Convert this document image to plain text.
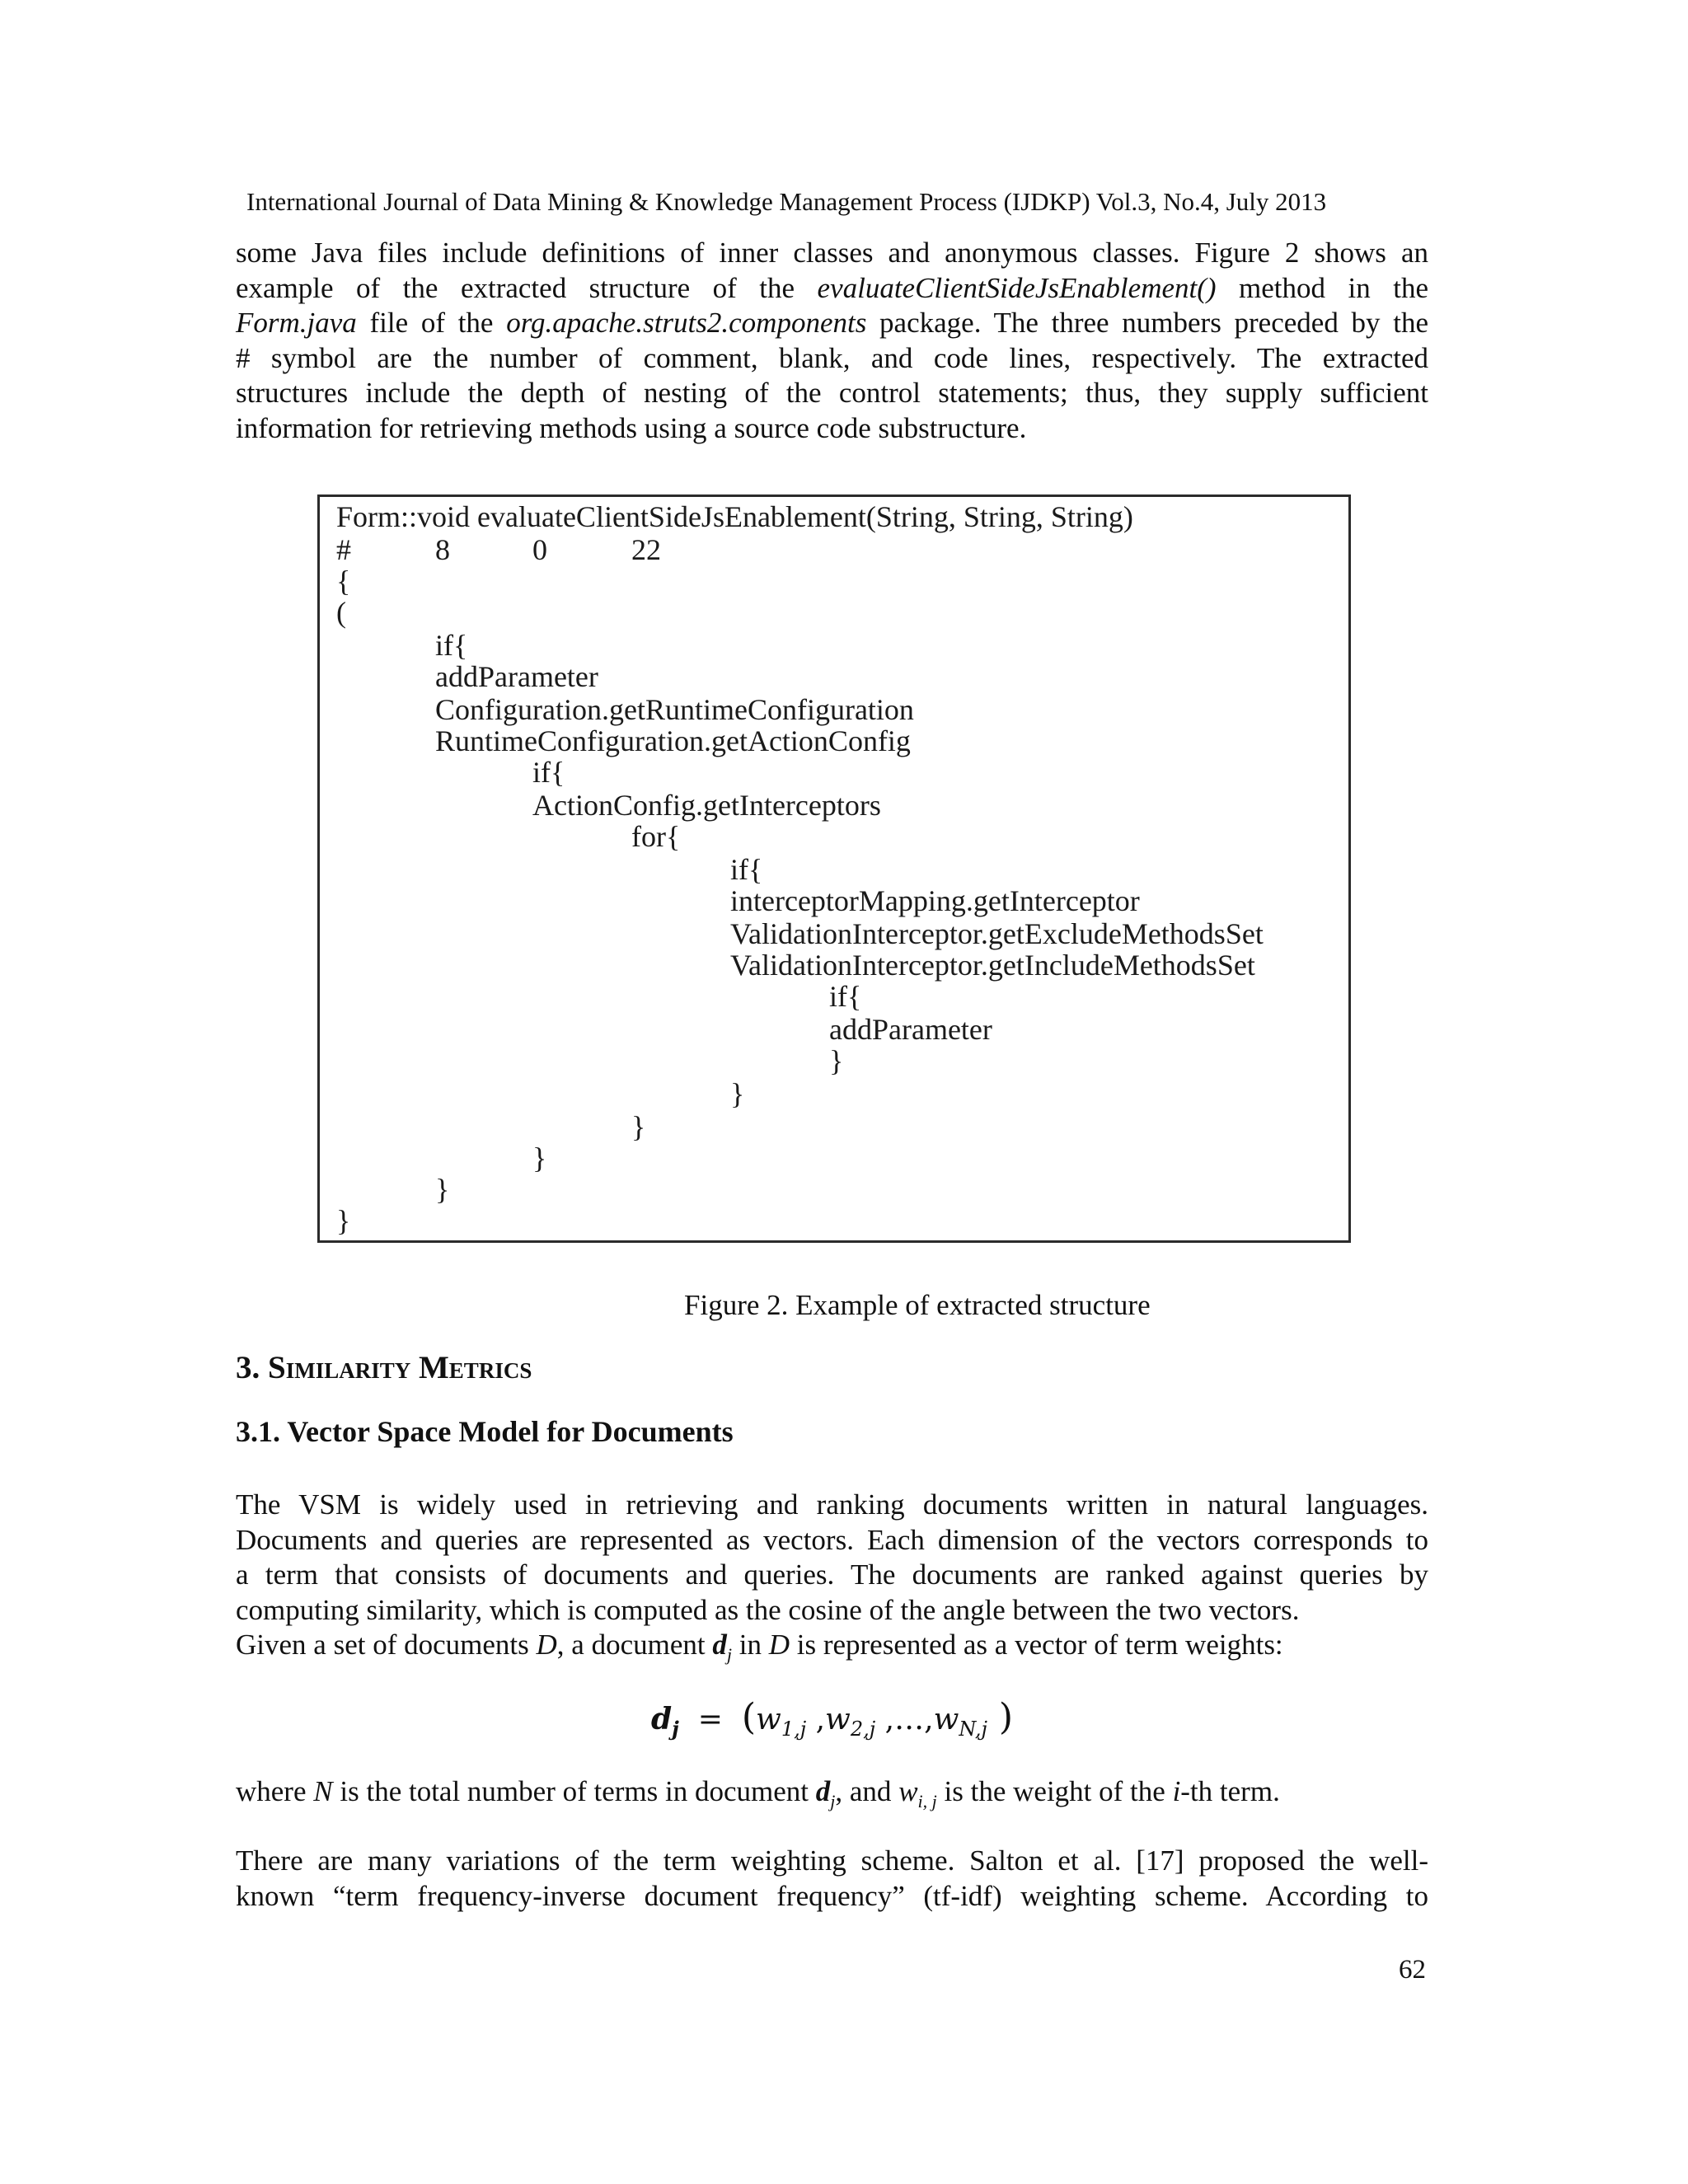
International Journal of Data Mining & Knowledge Management Process (IJDKP) Vol.3, No.4, July 2013

some Java files include definitions of inner classes and anonymous classes. Figure 2 shows an
example of the extracted structure of the evaluateClientSideJsEnablement() method in the
Form.java file of the org.apache.struts2.components package. The three numbers preceded by the
# symbol are the number of comment, blank, and code lines, respectively. The extracted
structures include the depth of nesting of the control statements; thus, they supply sufficient
information for retrieving methods using a source code substructure.

Form::void evaluateClientSideJsEnablement(String, String, String)
#	8	0	22
{
(
if{
addParameter
Configuration.getRuntimeConfiguration
RuntimeConfiguration.getActionConfig
if{
ActionConfig.getInterceptors
for{
if{
interceptorMapping.getInterceptor
ValidationInterceptor.getExcludeMethodsSet
ValidationInterceptor.getIncludeMethodsSet
if{
addParameter
}
}
}
}
}
}
Figure 2. Example of extracted structure
3. Similarity Metrics
3.1. Vector Space Model for Documents

The VSM is widely used in retrieving and ranking documents written in natural languages.
Documents and queries are represented as vectors. Each dimension of the vectors corresponds to
a term that consists of documents and queries. The documents are ranked against queries by
computing similarity, which is computed as the cosine of the angle between the two vectors.
Given a set of documents D, a document $d_j$ in D is represented as a vector of term weights:

$d_j = (w_{1,j}$ $,w_{2,j}$ $,\dots,w_{N,j}$ )

where N is the total number of terms in document $d_j$, and $w_{i, j}$ is the weight of the i-th term.

There are many variations of the term weighting scheme. Salton et al. [17] proposed the well-
known “term frequency-inverse document frequency” (tf-idf) weighting scheme. According to

62
